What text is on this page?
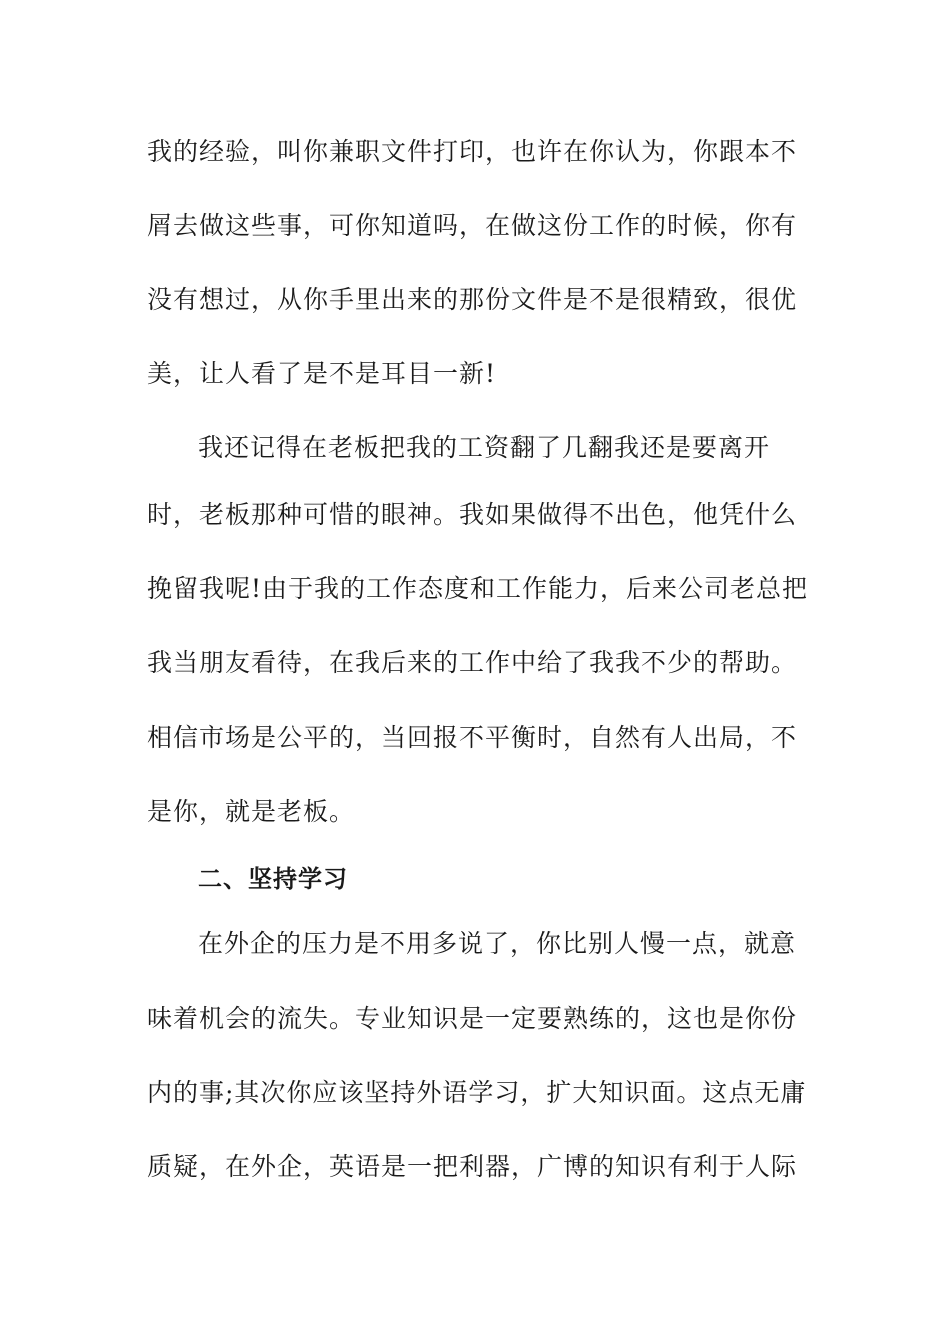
我的经验，叫你兼职文件打印，也许在你认为，你跟本不
屑去做这些事，可你知道吗，在做这份工作的时候，你有
没有想过，从你手里出来的那份文件是不是很精致，很优
美，让人看了是不是耳目一新!
我还记得在老板把我的工资翻了几翻我还是要离开
时，老板那种可惜的眼神。我如果做得不出色，他凭什么
挽留我呢!由于我的工作态度和工作能力，后来公司老总把
我当朋友看待，在我后来的工作中给了我我不少的帮助。
相信市场是公平的，当回报不平衡时，自然有人出局，不
是你，就是老板。
二、坚持学习
在外企的压力是不用多说了，你比别人慢一点，就意
味着机会的流失。专业知识是一定要熟练的，这也是你份
内的事;其次你应该坚持外语学习，扩大知识面。这点无庸
质疑，在外企，英语是一把利器，广博的知识有利于人际
